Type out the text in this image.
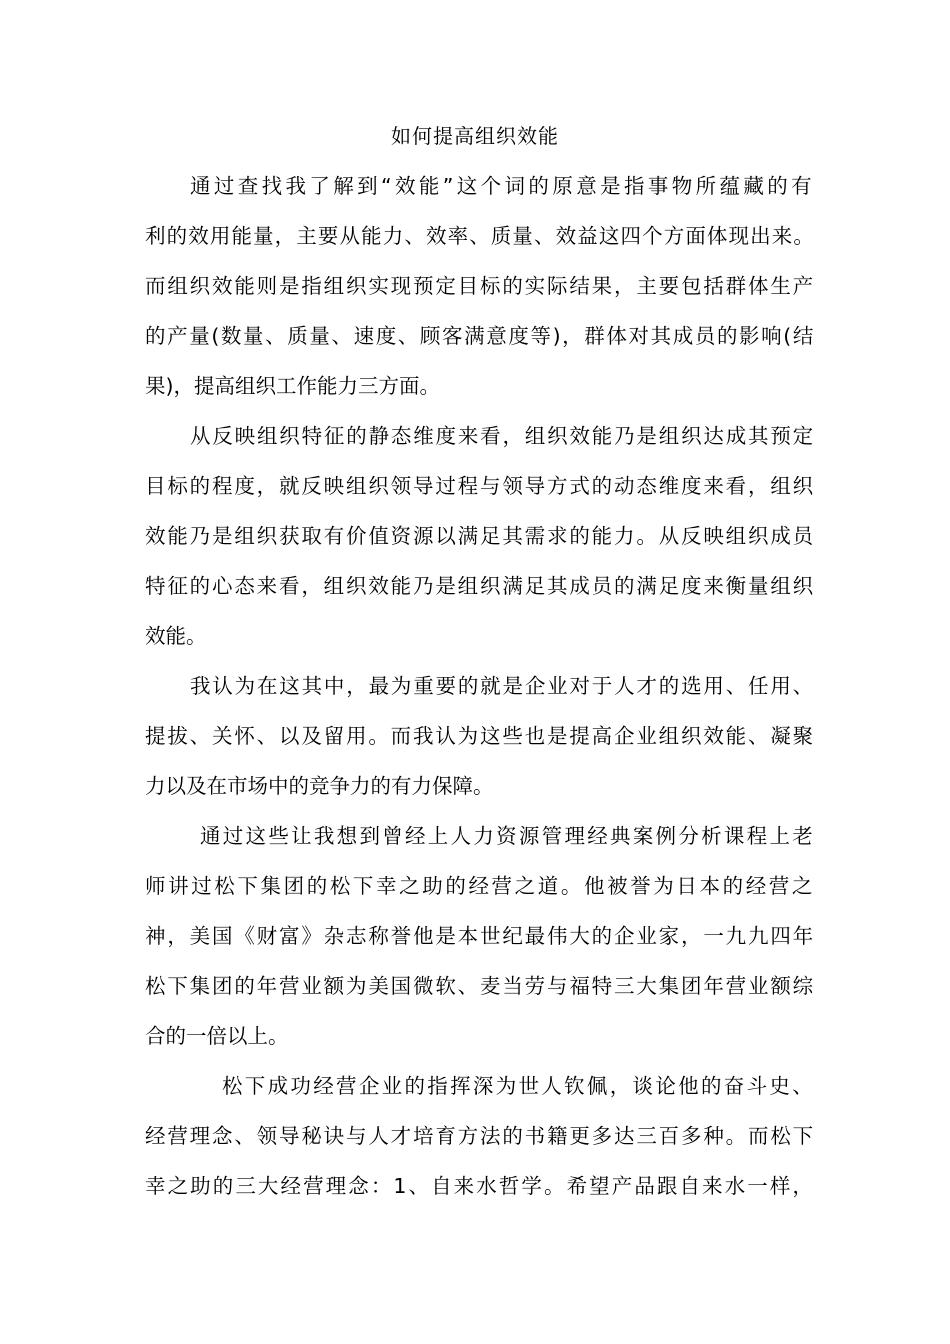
如何提高组织效能
通过查找我了解到“效能”这个词的原意是指事物所蕴藏的有
利的效用能量，主要从能力、效率、质量、效益这四个方面体现出来。
而组织效能则是指组织实现预定目标的实际结果，主要包括群体生产
的产量(数量、质量、速度、顾客满意度等)，群体对其成员的影响(结
果)，提高组织工作能力三方面。
从反映组织特征的静态维度来看，组织效能乃是组织达成其预定
目标的程度，就反映组织领导过程与领导方式的动态维度来看，组织
效能乃是组织获取有价值资源以满足其需求的能力。从反映组织成员
特征的心态来看，组织效能乃是组织满足其成员的满足度来衡量组织
效能。
我认为在这其中，最为重要的就是企业对于人才的选用、任用、
提拔、关怀、以及留用。而我认为这些也是提高企业组织效能、凝聚
力以及在市场中的竞争力的有力保障。
通过这些让我想到曾经上人力资源管理经典案例分析课程上老
师讲过松下集团的松下幸之助的经营之道。他被誉为日本的经营之
神，美国《财富》杂志称誉他是本世纪最伟大的企业家，一九九四年
松下集团的年营业额为美国微软、麦当劳与福特三大集团年营业额综
合的一倍以上。
松下成功经营企业的指挥深为世人钦佩，谈论他的奋斗史、
经营理念、领导秘诀与人才培育方法的书籍更多达三百多种。而松下
幸之助的三大经营理念：1、自来水哲学。希望产品跟自来水一样，
